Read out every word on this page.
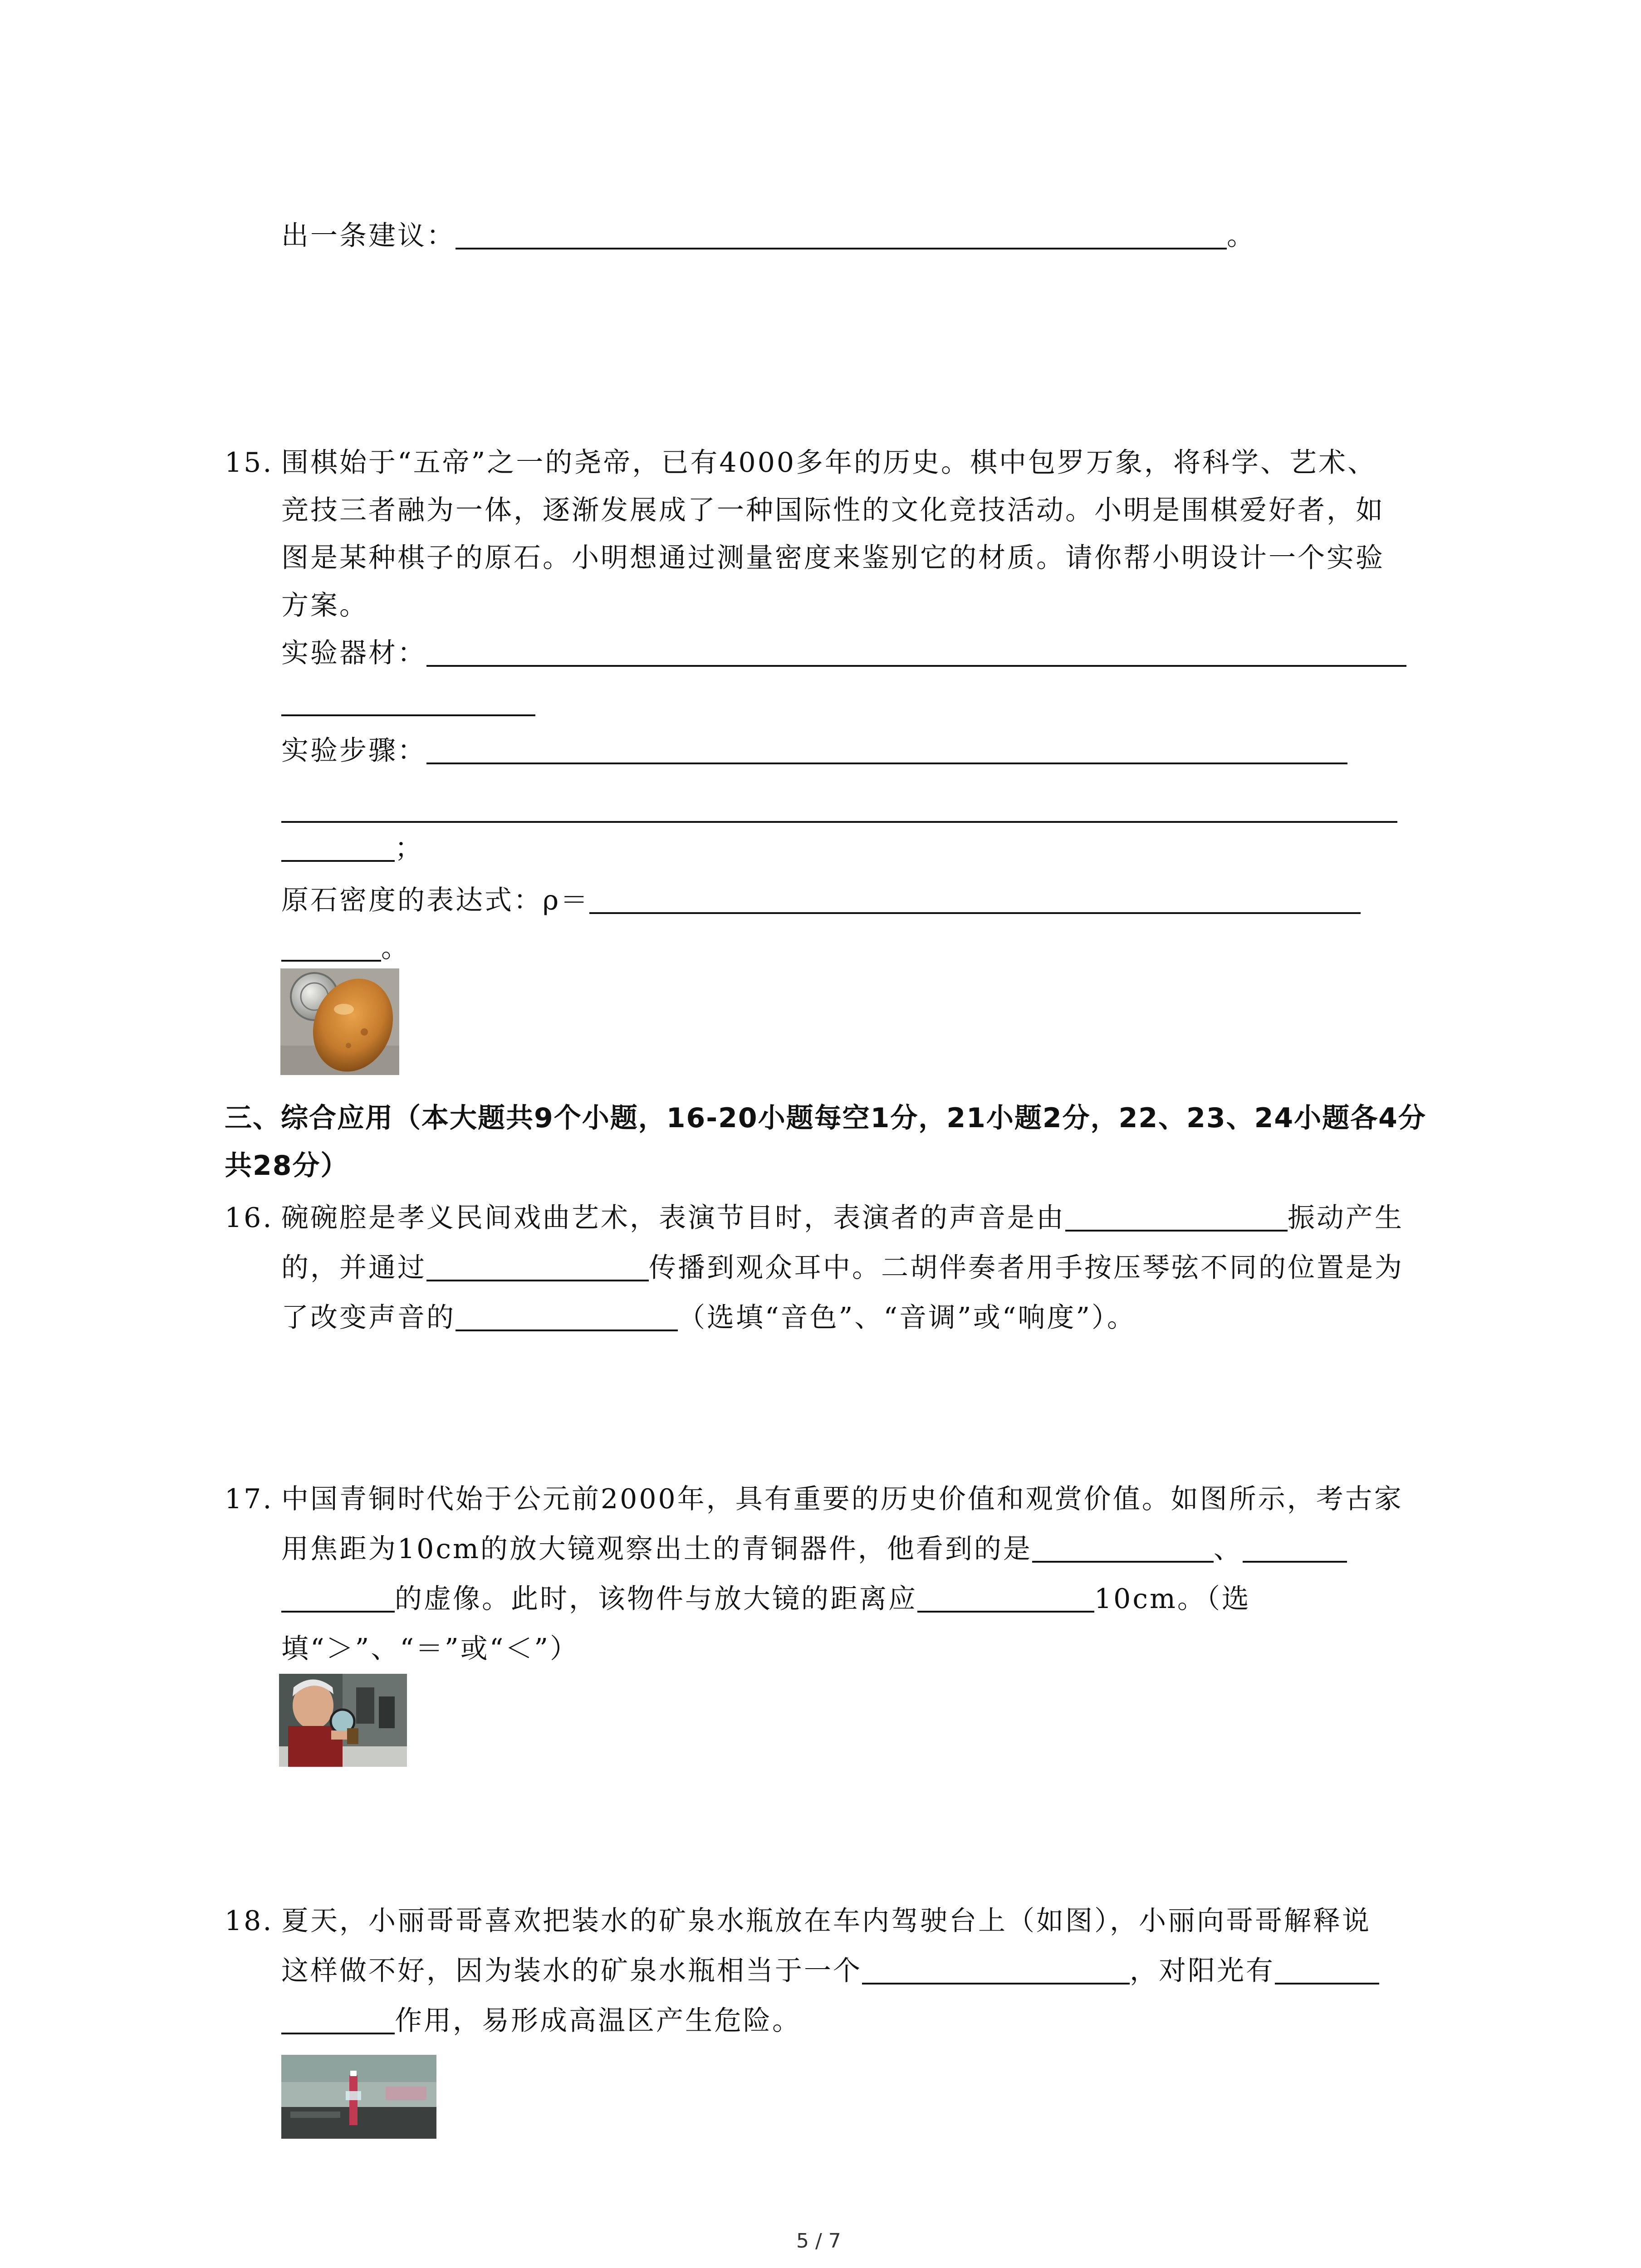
出一条建议：	。
15. 围棋始于“五帝”之一的尧帝，已有4000多年的历史。棋中包罗万象，将科学、艺术、
竞技三者融为一体，逐渐发展成了一种国际性的文化竞技活动。小明是围棋爱好者，如
图是某种棋子的原石。小明想通过测量密度来鉴别它的材质。请你帮小明设计一个实验
方案。
实验器材：
实验步骤：
；
原石密度的表达式：ρ＝
。
三、综合应用（本大题共9个小题，16-20小题每空1分，21小题2分，22、23、24小题各4分
共28分）
16. 碗碗腔是孝义民间戏曲艺术，表演节目时，表演者的声音是由	振动产生
的，并通过	传播到观众耳中。二胡伴奏者用手按压琴弦不同的位置是为
了改变声音的	（选填“音色”、“音调”或“响度”）。
17. 中国青铜时代始于公元前2000年，具有重要的历史价值和观赏价值。如图所示，考古家
用焦距为10cm的放大镜观察出土的青铜器件，他看到的是	、
的虚像。此时，该物件与放大镜的距离应	10cm。（选
填“＞”、“＝”或“＜”）
18. 夏天，小丽哥哥喜欢把装水的矿泉水瓶放在车内驾驶台上（如图），小丽向哥哥解释说
这样做不好，因为装水的矿泉水瓶相当于一个	，对阳光有
作用，易形成高温区产生危险。
5 / 7
